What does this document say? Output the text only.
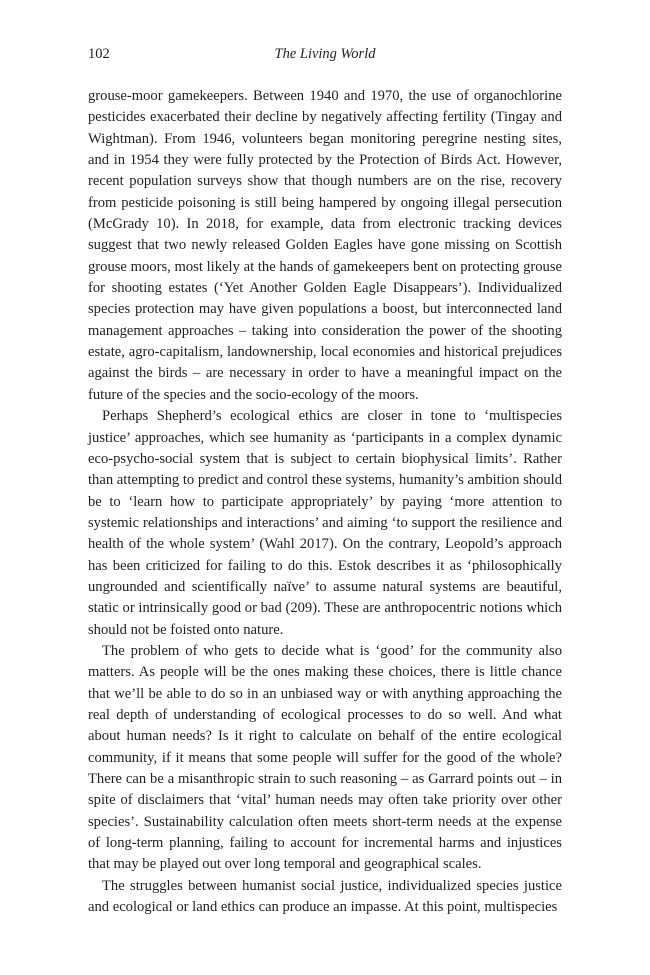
102	The Living World

grouse-moor gamekeepers. Between 1940 and 1970, the use of organochlorine pesticides exacerbated their decline by negatively affecting fertility (Tingay and Wightman). From 1946, volunteers began monitoring peregrine nesting sites, and in 1954 they were fully protected by the Protection of Birds Act. However, recent population surveys show that though numbers are on the rise, recovery from pesticide poisoning is still being hampered by ongoing illegal persecution (McGrady 10). In 2018, for example, data from electronic tracking devices suggest that two newly released Golden Eagles have gone missing on Scottish grouse moors, most likely at the hands of gamekeepers bent on protecting grouse for shooting estates (‘Yet Another Golden Eagle Disappears’). Individualized species protection may have given populations a boost, but interconnected land management approaches – taking into consideration the power of the shooting estate, agro-capitalism, landownership, local economies and historical prejudices against the birds – are necessary in order to have a meaningful impact on the future of the species and the socio-ecology of the moors.

Perhaps Shepherd’s ecological ethics are closer in tone to ‘multispecies justice’ approaches, which see humanity as ‘participants in a complex dynamic eco-psycho-social system that is subject to certain biophysical limits’. Rather than attempting to predict and control these systems, humanity’s ambition should be to ‘learn how to participate appropriately’ by paying ‘more attention to systemic relationships and interactions’ and aiming ‘to support the resilience and health of the whole system’ (Wahl 2017). On the contrary, Leopold’s approach has been criticized for failing to do this. Estok describes it as ‘philosophically ungrounded and scientifically naïve’ to assume natural systems are beautiful, static or intrinsically good or bad (209). These are anthropocentric notions which should not be foisted onto nature.

The problem of who gets to decide what is ‘good’ for the community also matters. As people will be the ones making these choices, there is little chance that we’ll be able to do so in an unbiased way or with anything approaching the real depth of understanding of ecological processes to do so well. And what about human needs? Is it right to calculate on behalf of the entire ecological community, if it means that some people will suffer for the good of the whole? There can be a misanthropic strain to such reasoning – as Garrard points out – in spite of disclaimers that ‘vital’ human needs may often take priority over other species’. Sustainability calculation often meets short-term needs at the expense of long-term planning, failing to account for incremental harms and injustices that may be played out over long temporal and geographical scales.

The struggles between humanist social justice, individualized species justice and ecological or land ethics can produce an impasse. At this point, multispecies
